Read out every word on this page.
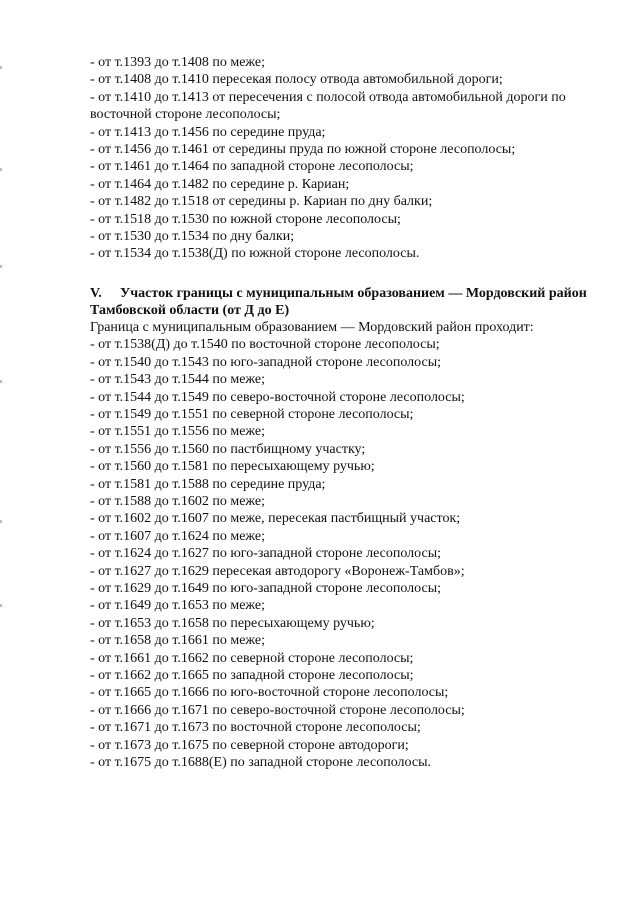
- от т.1393 до т.1408 по меже;
- от т.1408 до т.1410 пересекая полосу отвода автомобильной дороги;
- от т.1410 до т.1413 от пересечения с полосой отвода автомобильной дороги по восточной стороне лесополосы;
- от т.1413 до т.1456 по середине пруда;
- от т.1456 до т.1461 от середины пруда по южной стороне лесополосы;
- от т.1461 до т.1464 по западной стороне лесополосы;
- от т.1464 до т.1482 по середине р. Кариан;
- от т.1482 до т.1518 от середины р. Кариан по дну балки;
- от т.1518 до т.1530 по южной стороне лесополосы;
- от т.1530 до т.1534 по дну балки;
- от т.1534 до т.1538(Д) по южной стороне лесополосы.
V. Участок границы с муниципальным образованием — Мордовский район Тамбовской области (от Д до Е)
Граница с муниципальным образованием — Мордовский район проходит:
- от т.1538(Д) до т.1540 по восточной стороне лесополосы;
- от т.1540 до т.1543 по юго-западной стороне лесополосы;
- от т.1543 до т.1544 по меже;
- от т.1544 до т.1549 по северо-восточной стороне лесополосы;
- от т.1549 до т.1551 по северной стороне лесополосы;
- от т.1551 до т.1556 по меже;
- от т.1556 до т.1560 по пастбищному участку;
- от т.1560 до т.1581 по пересыхающему ручью;
- от т.1581 до т.1588 по середине пруда;
- от т.1588 до т.1602 по меже;
- от т.1602 до т.1607 по меже, пересекая пастбищный участок;
- от т.1607 до т.1624 по меже;
- от т.1624 до т.1627 по юго-западной стороне лесополосы;
- от т.1627 до т.1629 пересекая автодорогу «Воронеж-Тамбов»;
- от т.1629 до т.1649 по юго-западной стороне лесополосы;
- от т.1649 до т.1653 по меже;
- от т.1653 до т.1658 по пересыхающему ручью;
- от т.1658 до т.1661 по меже;
- от т.1661 до т.1662 по северной стороне лесополосы;
- от т.1662 до т.1665 по западной стороне лесополосы;
- от т.1665 до т.1666 по юго-восточной стороне лесополосы;
- от т.1666 до т.1671 по северо-восточной стороне лесополосы;
- от т.1671 до т.1673 по восточной стороне лесополосы;
- от т.1673 до т.1675 по северной стороне автодороги;
- от т.1675 до т.1688(Е) по западной стороне лесополосы.
